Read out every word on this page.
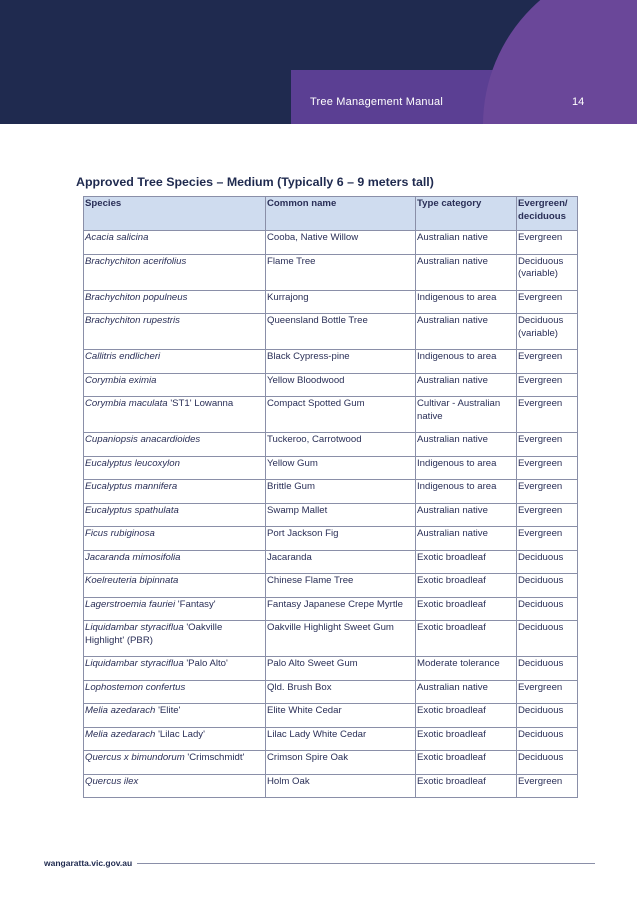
Tree Management Manual	14
Approved Tree Species – Medium (Typically 6 – 9 meters tall)
Species	Common name	Type category	Evergreen/ deciduous
Acacia salicina	Cooba, Native Willow	Australian native	Evergreen
Brachychiton acerifolius	Flame Tree	Australian native	Deciduous (variable)
Brachychiton populneus	Kurrajong	Indigenous to area	Evergreen
Brachychiton rupestris	Queensland Bottle Tree	Australian native	Deciduous (variable)
Callitris endlicheri	Black Cypress-pine	Indigenous to area	Evergreen
Corymbia eximia	Yellow Bloodwood	Australian native	Evergreen
Corymbia maculata 'ST1' Lowanna	Compact Spotted Gum	Cultivar - Australian native	Evergreen
Cupaniopsis anacardioides	Tuckeroo, Carrotwood	Australian native	Evergreen
Eucalyptus leucoxylon	Yellow Gum	Indigenous to area	Evergreen
Eucalyptus mannifera	Brittle Gum	Indigenous to area	Evergreen
Eucalyptus spathulata	Swamp Mallet	Australian native	Evergreen
Ficus rubiginosa	Port Jackson Fig	Australian native	Evergreen
Jacaranda mimosifolia	Jacaranda	Exotic broadleaf	Deciduous
Koelreuteria bipinnata	Chinese Flame Tree	Exotic broadleaf	Deciduous
Lagerstroemia fauriei 'Fantasy'	Fantasy Japanese Crepe Myrtle	Exotic broadleaf	Deciduous
Liquidambar styraciflua 'Oakville Highlight' (PBR)	Oakville Highlight Sweet Gum	Exotic broadleaf	Deciduous
Liquidambar styraciflua 'Palo Alto'	Palo Alto Sweet Gum	Moderate tolerance	Deciduous
Lophostemon confertus	Qld. Brush Box	Australian native	Evergreen
Melia azedarach 'Elite'	Elite White Cedar	Exotic broadleaf	Deciduous
Melia azedarach 'Lilac Lady'	Lilac Lady White Cedar	Exotic broadleaf	Deciduous
Quercus x bimundorum 'Crimschmidt'	Crimson Spire Oak	Exotic broadleaf	Deciduous
Quercus ilex	Holm Oak	Exotic broadleaf	Evergreen
wangaratta.vic.gov.au
